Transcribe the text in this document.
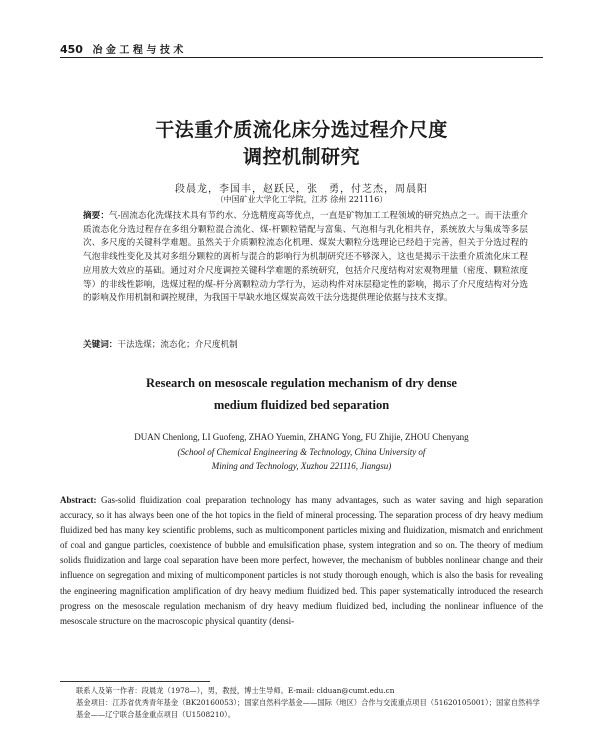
450 冶 金 工 程 与 技 术
干法重介质流化床分选过程介尺度
调控机制研究
段晨龙，李国丰，赵跃民，张　勇，付芝杰，周晨阳
（中国矿业大学化工学院，江苏 徐州 221116）
摘要：气-固流态化洗煤技术具有节约水、分选精度高等优点，一直是矿物加工工程领域的研究热点之一。而干法重介质流态化分选过程存在多组分颗粒混合流化、煤-杆颗粒错配与富集、气泡相与乳化相共存，系统放大与集成等多层次、多尺度的关键科学难题。虽然关于介质颗粒流态化机理、煤炭大颗粒分选理论已经趋于完善，但关于分选过程的气泡非线性变化及其对多组分颗粒的离析与混合的影响行为机制研究还不够深入，这也是揭示干法重介质流化床工程应用放大效应的基础。通过对介尺度调控关键科学难题的系统研究，包括介尺度结构对宏观物理量（密度、颗粒浓度等）的非线性影响，选煤过程的煤-杆分离颗粒动力学行为，运动构件对床层稳定性的影响，揭示了介尺度结构对分选的影响及作用机制和调控规律，为我国干旱缺水地区煤炭高效干法分选提供理论依据与技术支撑。
关键词：干法选煤；流态化；介尺度机制
Research on mesoscale regulation mechanism of dry dense
medium fluidized bed separation
DUAN Chenlong, LI Guofeng, ZHAO Yuemin, ZHANG Yong, FU Zhijie, ZHOU Chenyang
(School of Chemical Engineering & Technology, China University of
Mining and Technology, Xuzhou 221116, Jiangsu)
Abstract: Gas-solid fluidization coal preparation technology has many advantages, such as water saving and high separation accuracy, so it has always been one of the hot topics in the field of mineral processing. The separation process of dry heavy medium fluidized bed has many key scientific problems, such as multicomponent particles mixing and fluidization, mismatch and enrichment of coal and gangue particles, coexistence of bubble and emulsification phase, system integration and so on. The theory of medium solids fluidization and large coal separation have been more perfect, however, the mechanism of bubbles nonlinear change and their influence on segregation and mixing of multicomponent particles is not study thorough enough, which is also the basis for revealing the engineering magnification amplification of dry heavy medium fluidized bed. This paper systematically introduced the research progress on the mesoscale regulation mechanism of dry heavy medium fluidized bed, including the nonlinear influence of the mesoscale structure on the macroscopic physical quantity (densi-
联系人及第一作者：段晨龙（1978—），男，教授，博士生导师。E-mail: clduan@cumt.edu.cn
基金项目：江苏省优秀青年基金（BK20160053）；国家自然科学基金——国际（地区）合作与交流重点项目（51620105001）；国家自然科学基金——辽宁联合基金重点项目（U1508210）。
